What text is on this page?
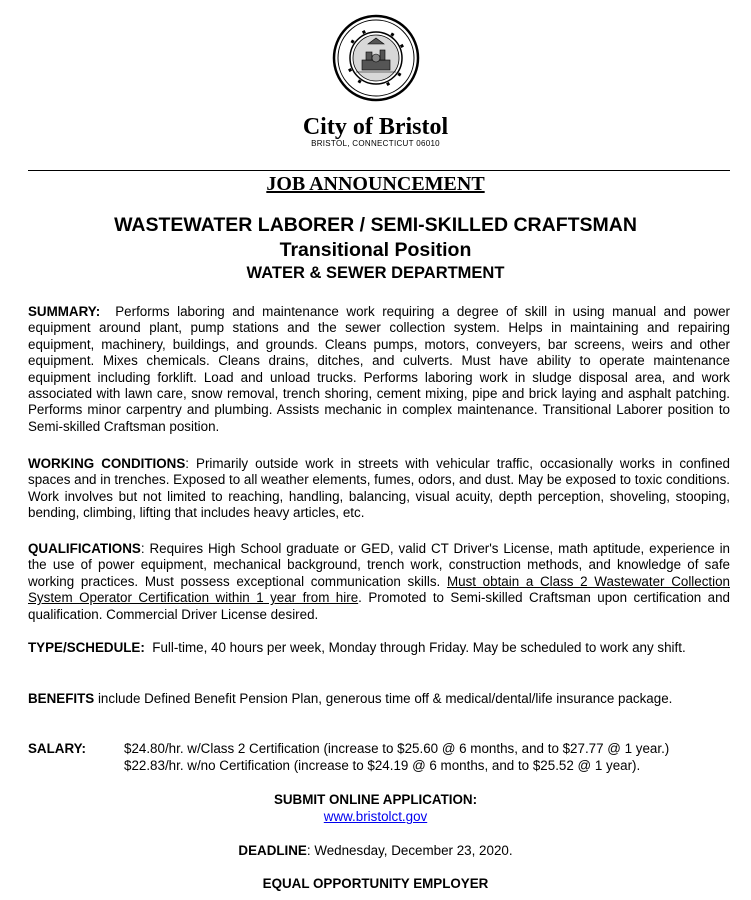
City of Bristol
BRISTOL, CONNECTICUT 06010
JOB ANNOUNCEMENT
WASTEWATER LABORER / SEMI-SKILLED CRAFTSMAN
Transitional Position
WATER & SEWER DEPARTMENT

SUMMARY: Performs laboring and maintenance work requiring a degree of skill in using manual and power equipment around plant, pump stations and the sewer collection system. Helps in maintaining and repairing equipment, machinery, buildings, and grounds. Cleans pumps, motors, conveyers, bar screens, weirs and other equipment. Mixes chemicals. Cleans drains, ditches, and culverts. Must have ability to operate maintenance equipment including forklift. Load and unload trucks. Performs laboring work in sludge disposal area, and work associated with lawn care, snow removal, trench shoring, cement mixing, pipe and brick laying and asphalt patching. Performs minor carpentry and plumbing. Assists mechanic in complex maintenance. Transitional Laborer position to Semi-skilled Craftsman position.

WORKING CONDITIONS: Primarily outside work in streets with vehicular traffic, occasionally works in confined spaces and in trenches. Exposed to all weather elements, fumes, odors, and dust. May be exposed to toxic conditions. Work involves but not limited to reaching, handling, balancing, visual acuity, depth perception, shoveling, stooping, bending, climbing, lifting that includes heavy articles, etc.

QUALIFICATIONS: Requires High School graduate or GED, valid CT Driver's License, math aptitude, experience in the use of power equipment, mechanical background, trench work, construction methods, and knowledge of safe working practices. Must possess exceptional communication skills. Must obtain a Class 2 Wastewater Collection System Operator Certification within 1 year from hire. Promoted to Semi-skilled Craftsman upon certification and qualification. Commercial Driver License desired.

TYPE/SCHEDULE: Full-time, 40 hours per week, Monday through Friday. May be scheduled to work any shift.

BENEFITS include Defined Benefit Pension Plan, generous time off & medical/dental/life insurance package.

SALARY:	$24.80/hr. w/Class 2 Certification (increase to $25.60 @ 6 months, and to $27.77 @ 1 year.)
$22.83/hr. w/no Certification (increase to $24.19 @ 6 months, and to $25.52 @ 1 year).
SUBMIT ONLINE APPLICATION:
www.bristolct.gov
DEADLINE: Wednesday, December 23, 2020.
EQUAL OPPORTUNITY EMPLOYER
